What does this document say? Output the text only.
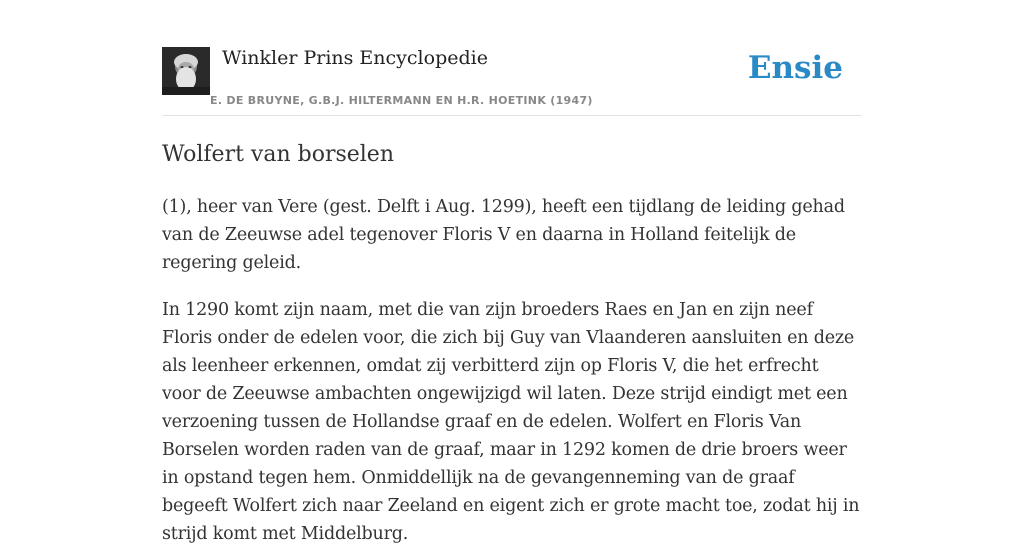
Winkler Prins Encyclopedie
E. DE BRUYNE, G.B.J. HILTERMANN EN H.R. HOETINK (1947)
Ensie
Wolfert van borselen

(1), heer van Vere (gest. Delft i Aug. 1299), heeft een tijdlang de leiding gehad van de Zeeuwse adel tegenover Floris V en daarna in Holland feitelijk de regering geleid.

In 1290 komt zijn naam, met die van zijn broeders Raes en Jan en zijn neef Floris onder de edelen voor, die zich bij Guy van Vlaanderen aansluiten en deze als leenheer erkennen, omdat zij verbitterd zijn op Floris V, die het erfrecht voor de Zeeuwse ambachten ongewijzigd wil laten. Deze strijd eindigt met een verzoening tussen de Hollandse graaf en de edelen. Wolfert en Floris Van Borselen worden raden van de graaf, maar in 1292 komen de drie broers weer in opstand tegen hem. Onmiddellijk na de gevangenneming van de graaf begeeft Wolfert zich naar Zeeland en eigent zich er grote macht toe, zodat hij in strijd komt met Middelburg.
